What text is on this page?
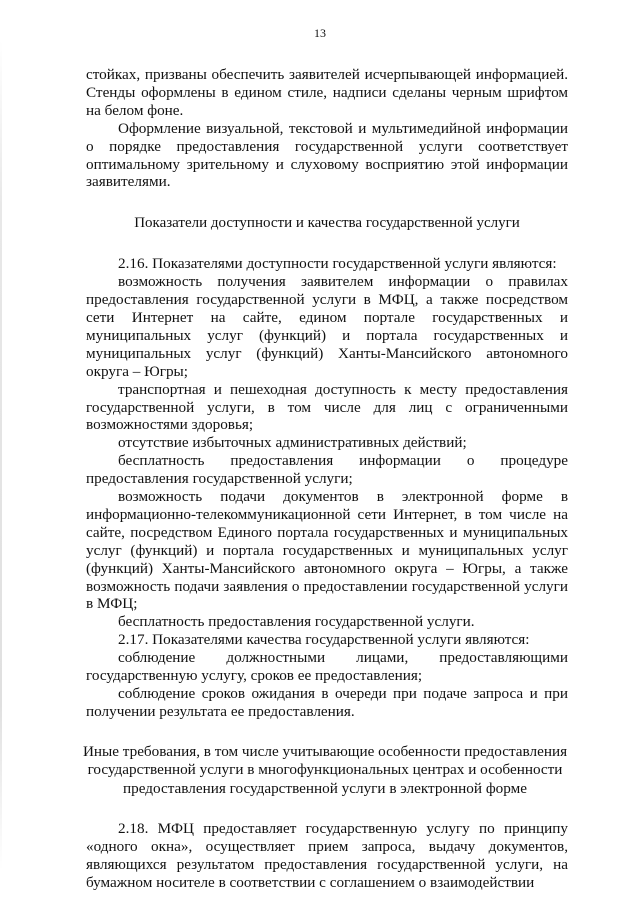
13

стойках, призваны обеспечить заявителей исчерпывающей информацией. Стенды оформлены в едином стиле, надписи сделаны черным шрифтом на белом фоне.

Оформление визуальной, текстовой и мультимедийной информации о порядке предоставления государственной услуги соответствует оптимальному зрительному и слуховому восприятию этой информации заявителями.

Показатели доступности и качества государственной услуги

2.16. Показателями доступности государственной услуги являются:

возможность получения заявителем информации о правилах предоставления государственной услуги в МФЦ, а также посредством сети Интернет на сайте, едином портале государственных и муниципальных услуг (функций) и портала государственных и муниципальных услуг (функций) Ханты-Мансийского автономного округа – Югры;

транспортная и пешеходная доступность к месту предоставления государственной услуги, в том числе для лиц с ограниченными возможностями здоровья;

отсутствие избыточных административных действий;

бесплатность предоставления информации о процедуре предоставления государственной услуги;

возможность подачи документов в электронной форме в информационно-телекоммуникационной сети Интернет, в том числе на сайте, посредством Единого портала государственных и муниципальных услуг (функций) и портала государственных и муниципальных услуг (функций) Ханты-Мансийского автономного округа – Югры, а также возможность подачи заявления о предоставлении государственной услуги в МФЦ;

бесплатность предоставления государственной услуги.

2.17. Показателями качества государственной услуги являются:

соблюдение должностными лицами, предоставляющими государственную услугу, сроков ее предоставления;

соблюдение сроков ожидания в очереди при подаче запроса и при получении результата ее предоставления.

Иные требования, в том числе учитывающие особенности предоставления государственной услуги в многофункциональных центрах и особенности предоставления государственной услуги в электронной форме

2.18. МФЦ предоставляет государственную услугу по принципу «одного окна», осуществляет прием запроса, выдачу документов, являющихся результатом предоставления государственной услуги, на бумажном носителе в соответствии с соглашением о взаимодействии
